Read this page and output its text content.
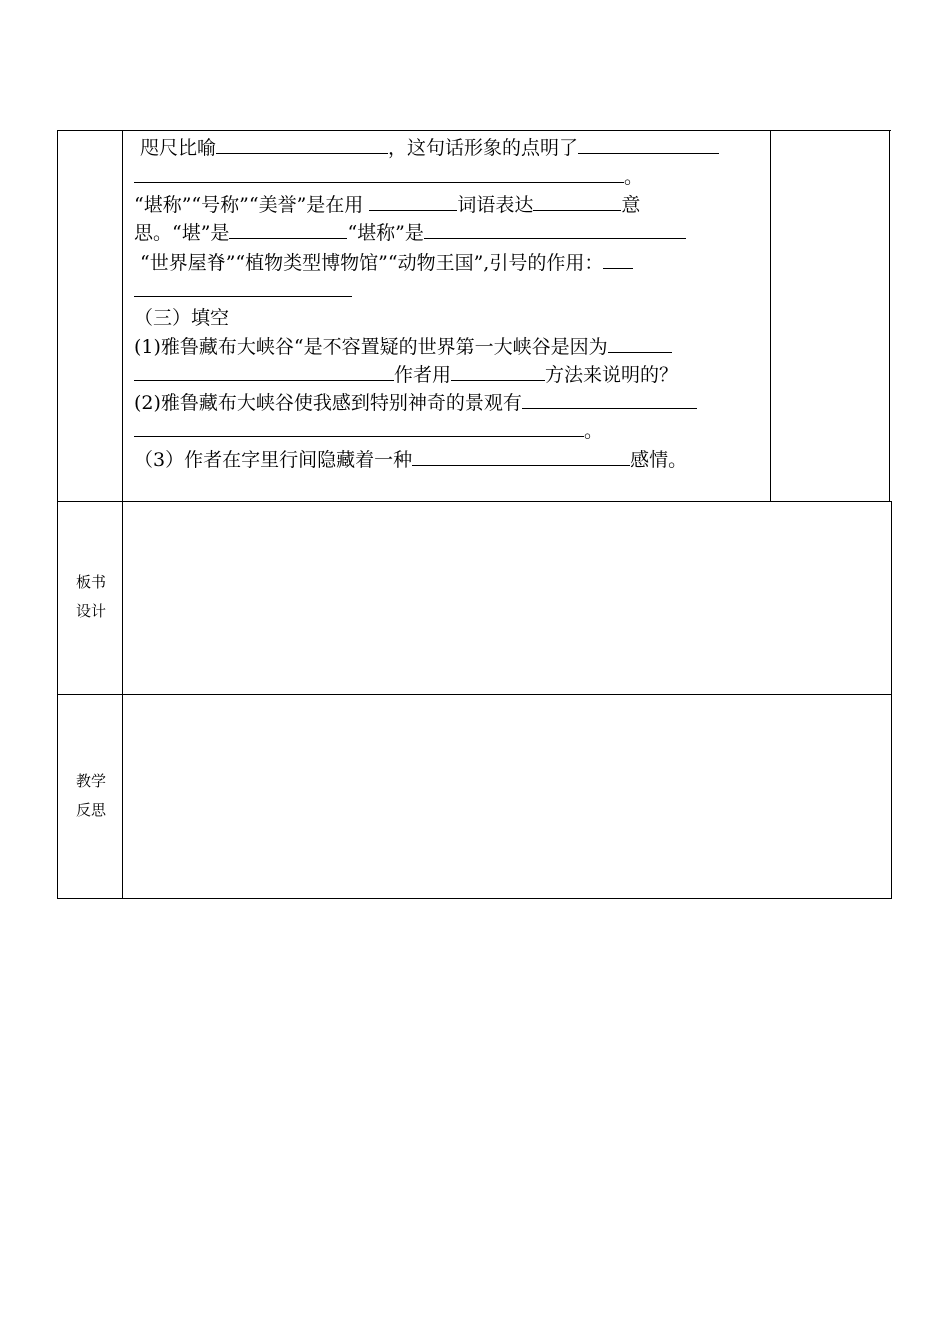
咫尺比喻	，这句话形象的点明了
。
“堪称”“号称”“美誉”是在用	词语表达	意
思。“堪”是	“堪称”是
“世界屋脊”“植物类型博物馆”“动物王国”,引号的作用：
（三）填空
(1)雅鲁藏布大峡谷“是不容置疑的世界第一大峡谷是因为
作者用	方法来说明的？
(2)雅鲁藏布大峡谷使我感到特别神奇的景观有
。
（3）作者在字里行间隐藏着一种	感情。
板书
设计
教学
反思
